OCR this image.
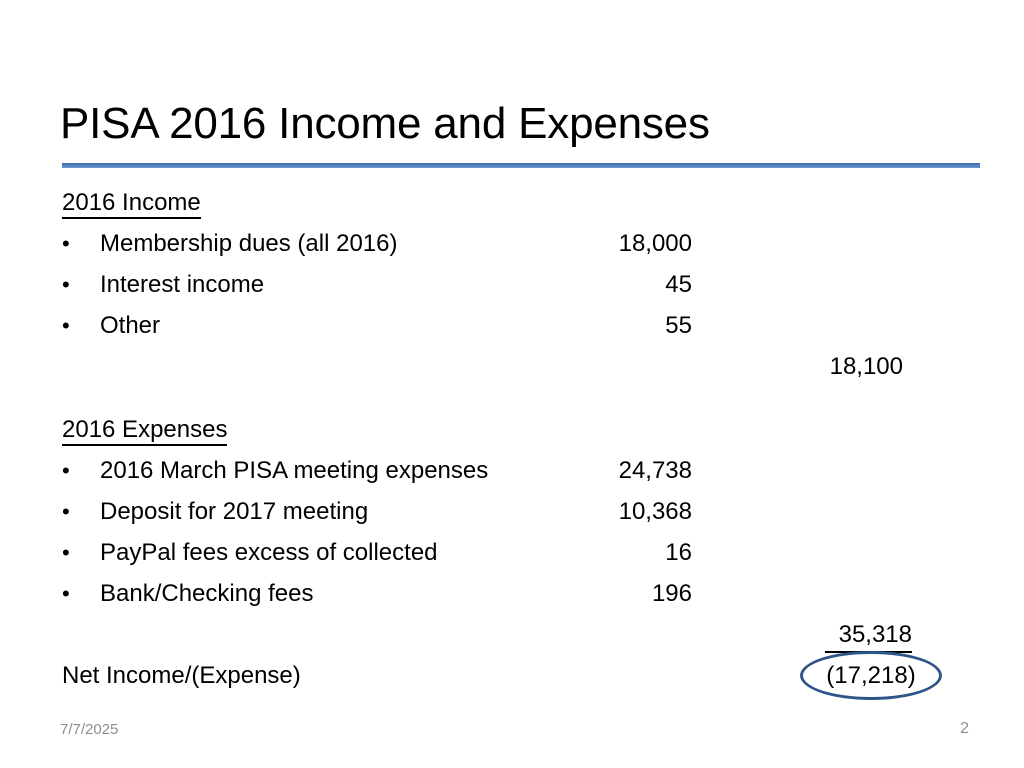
PISA 2016 Income and Expenses
2016 Income
• Membership dues (all 2016)	18,000
• Interest income	45
• Other	55
18,100
2016 Expenses
• 2016 March PISA meeting expenses	24,738
• Deposit for 2017 meeting	10,368
• PayPal fees excess of collected	16
• Bank/Checking fees	196
35,318
Net Income/(Expense)	(17,218)
7/7/2025	2
